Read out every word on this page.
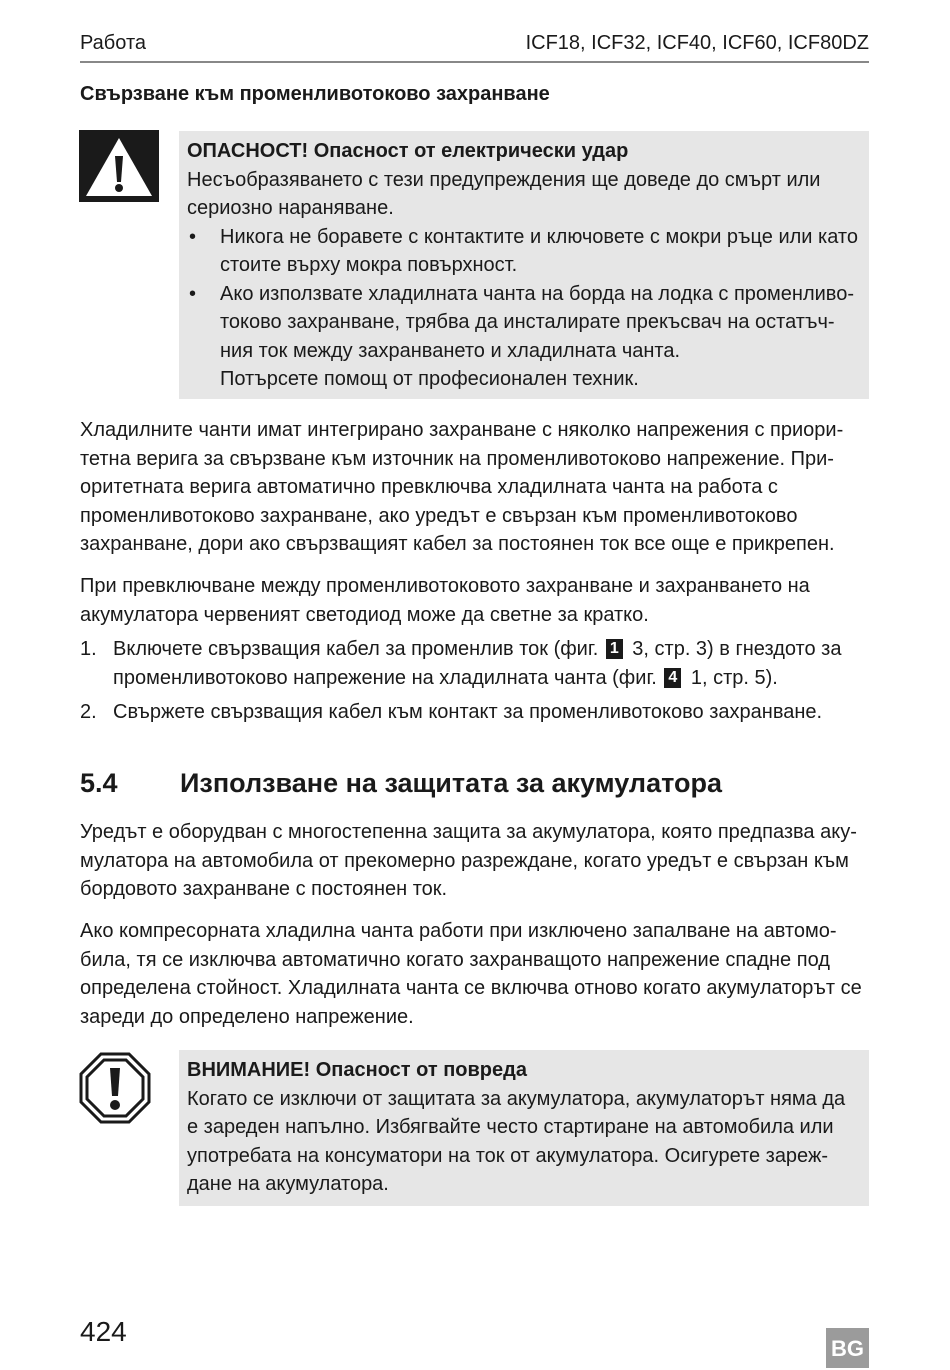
Работа	ICF18, ICF32, ICF40, ICF60, ICF80DZ
Свързване към променливотоково захранване
ОПАСНОСТ! Опасност от електрически удар
Несъобразяването с тези предупреждения ще доведе до смърт или сериозно нараняване.
• Никога не боравете с контактите и ключовете с мокри ръце или като стоите върху мокра повърхност.
• Ако използвате хладилната чанта на борда на лодка с променливо-токово захранване, трябва да инсталирате прекъсвач на остатъч-ния ток между захранването и хладилната чанта.
Потърсете помощ от професионален техник.
Хладилните чанти имат интегрирано захранване с няколко напрежения с приори-тетна верига за свързване към източник на променливотоково напрежение. При-оритетната верига автоматично превключва хладилната чанта на работа с променливотоково захранване, ако уредът е свързан към променливотоково захранване, дори ако свързващият кабел за постоянен ток все още е прикрепен.
При превключване между променливотоковото захранване и захранването на акумулатора червеният светодиод може да светне за кратко.
1. Включете свързващия кабел за променлив ток (фиг. 1 3, стр. 3) в гнездото за променливотоково напрежение на хладилната чанта (фиг. 4 1, стр. 5).
2. Свържете свързващия кабел към контакт за променливотоково захранване.
5.4 Използване на защитата за акумулатора
Уредът е оборудван с многостепенна защита за акумулатора, която предпазва аку-мулатора на автомобила от прекомерно разреждане, когато уредът е свързан към бордовото захранване с постоянен ток.
Ако компресорната хладилна чанта работи при изключено запалване на автомо-била, тя се изключва автоматично когато захранващото напрежение спадне под определена стойност. Хладилната чанта се включва отново когато акумулаторът се зареди до определено напрежение.
ВНИМАНИЕ! Опасност от повреда
Когато се изключи от защитата за акумулатора, акумулаторът няма да е зареден напълно. Избягвайте често стартиране на автомобила или употребата на консуматори на ток от акумулатора. Осигурете зареж-дане на акумулатора.
424
BG
